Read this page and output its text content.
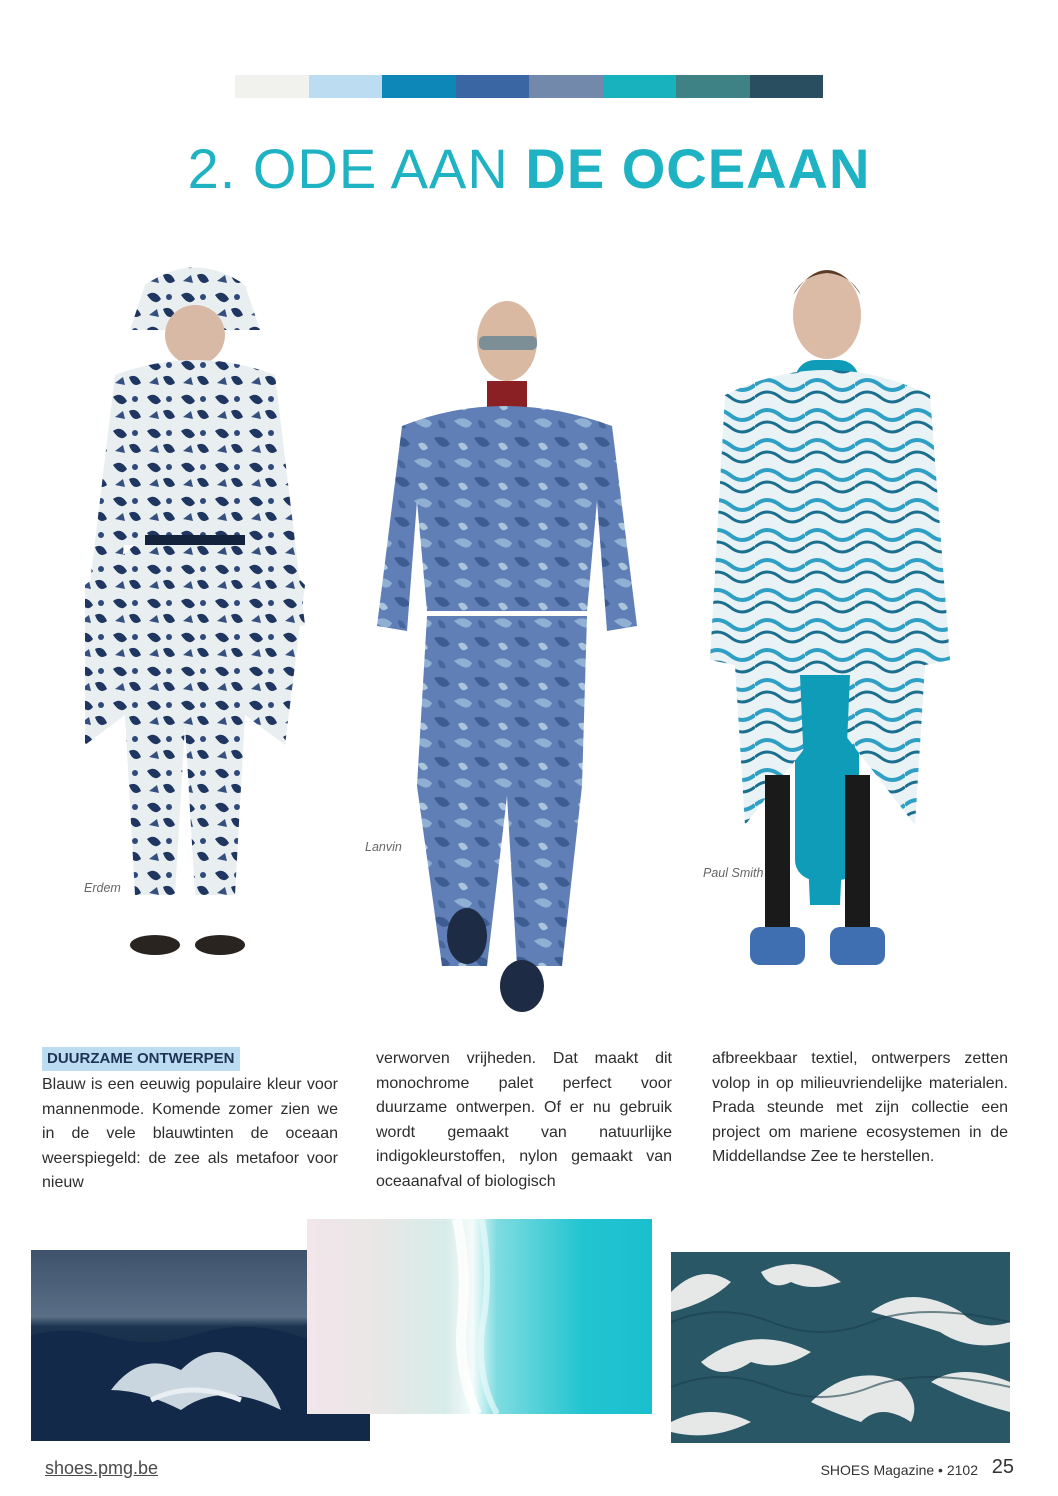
2. ODE AAN DE OCEAAN
Erdem
Lanvin
Paul Smith
DUURZAME ONTWERPEN
Blauw is een eeuwig populaire kleur voor mannenmode. Komende zomer zien we in de vele blauwtinten de oceaan weerspiegeld: de zee als metafoor voor nieuw
verworven vrijheden. Dat maakt dit monochrome palet perfect voor duurzame ontwerpen. Of er nu gebruik wordt gemaakt van natuurlijke indigokleurstoffen, nylon gemaakt van oceaanafval of biologisch
afbreekbaar textiel, ontwerpers zetten volop in op milieuvriendelijke materialen. Prada steunde met zijn collectie een project om mariene ecosystemen in de Middellandse Zee te herstellen.
shoes.pmg.be	SHOES Magazine • 2102 25
